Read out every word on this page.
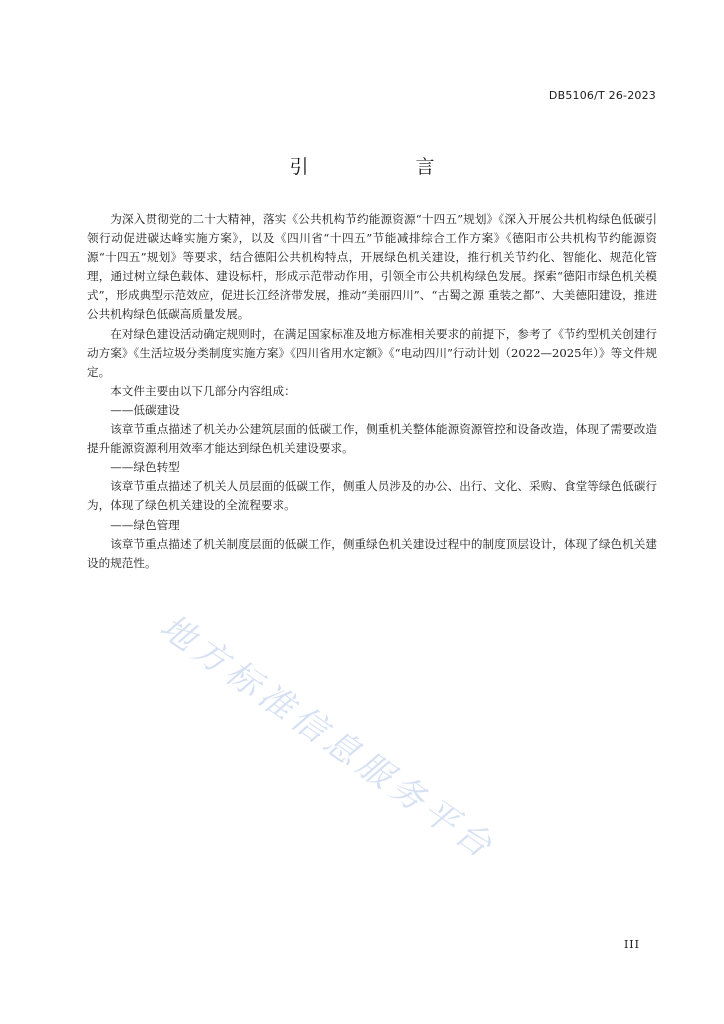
DB5106/T 26-2023
引　言

为深入贯彻党的二十大精神，落实《公共机构节约能源资源“十四五”规划》《深入开展公共机构绿色低碳引领行动促进碳达峰实施方案》，以及《四川省“十四五”节能减排综合工作方案》《德阳市公共机构节约能源资源“十四五”规划》等要求，结合德阳公共机构特点，开展绿色机关建设，推行机关节约化、智能化、规范化管理，通过树立绿色载体、建设标杆，形成示范带动作用，引领全市公共机构绿色发展。探索“德阳市绿色机关模式”，形成典型示范效应，促进长江经济带发展，推动“美丽四川”、“古蜀之源 重装之都”、大美德阳建设，推进公共机构绿色低碳高质量发展。

在对绿色建设活动确定规则时，在满足国家标准及地方标准相关要求的前提下，参考了《节约型机关创建行动方案》《生活垃圾分类制度实施方案》《四川省用水定额》《“电动四川”行动计划（2022—2025年）》等文件规定。

本文件主要由以下几部分内容组成：

——低碳建设

该章节重点描述了机关办公建筑层面的低碳工作，侧重机关整体能源资源管控和设备改造，体现了需要改造提升能源资源利用效率才能达到绿色机关建设要求。

——绿色转型

该章节重点描述了机关人员层面的低碳工作，侧重人员涉及的办公、出行、文化、采购、食堂等绿色低碳行为，体现了绿色机关建设的全流程要求。

——绿色管理

该章节重点描述了机关制度层面的低碳工作，侧重绿色机关建设过程中的制度顶层设计，体现了绿色机关建设的规范性。

地方标准信息服务平台
III
